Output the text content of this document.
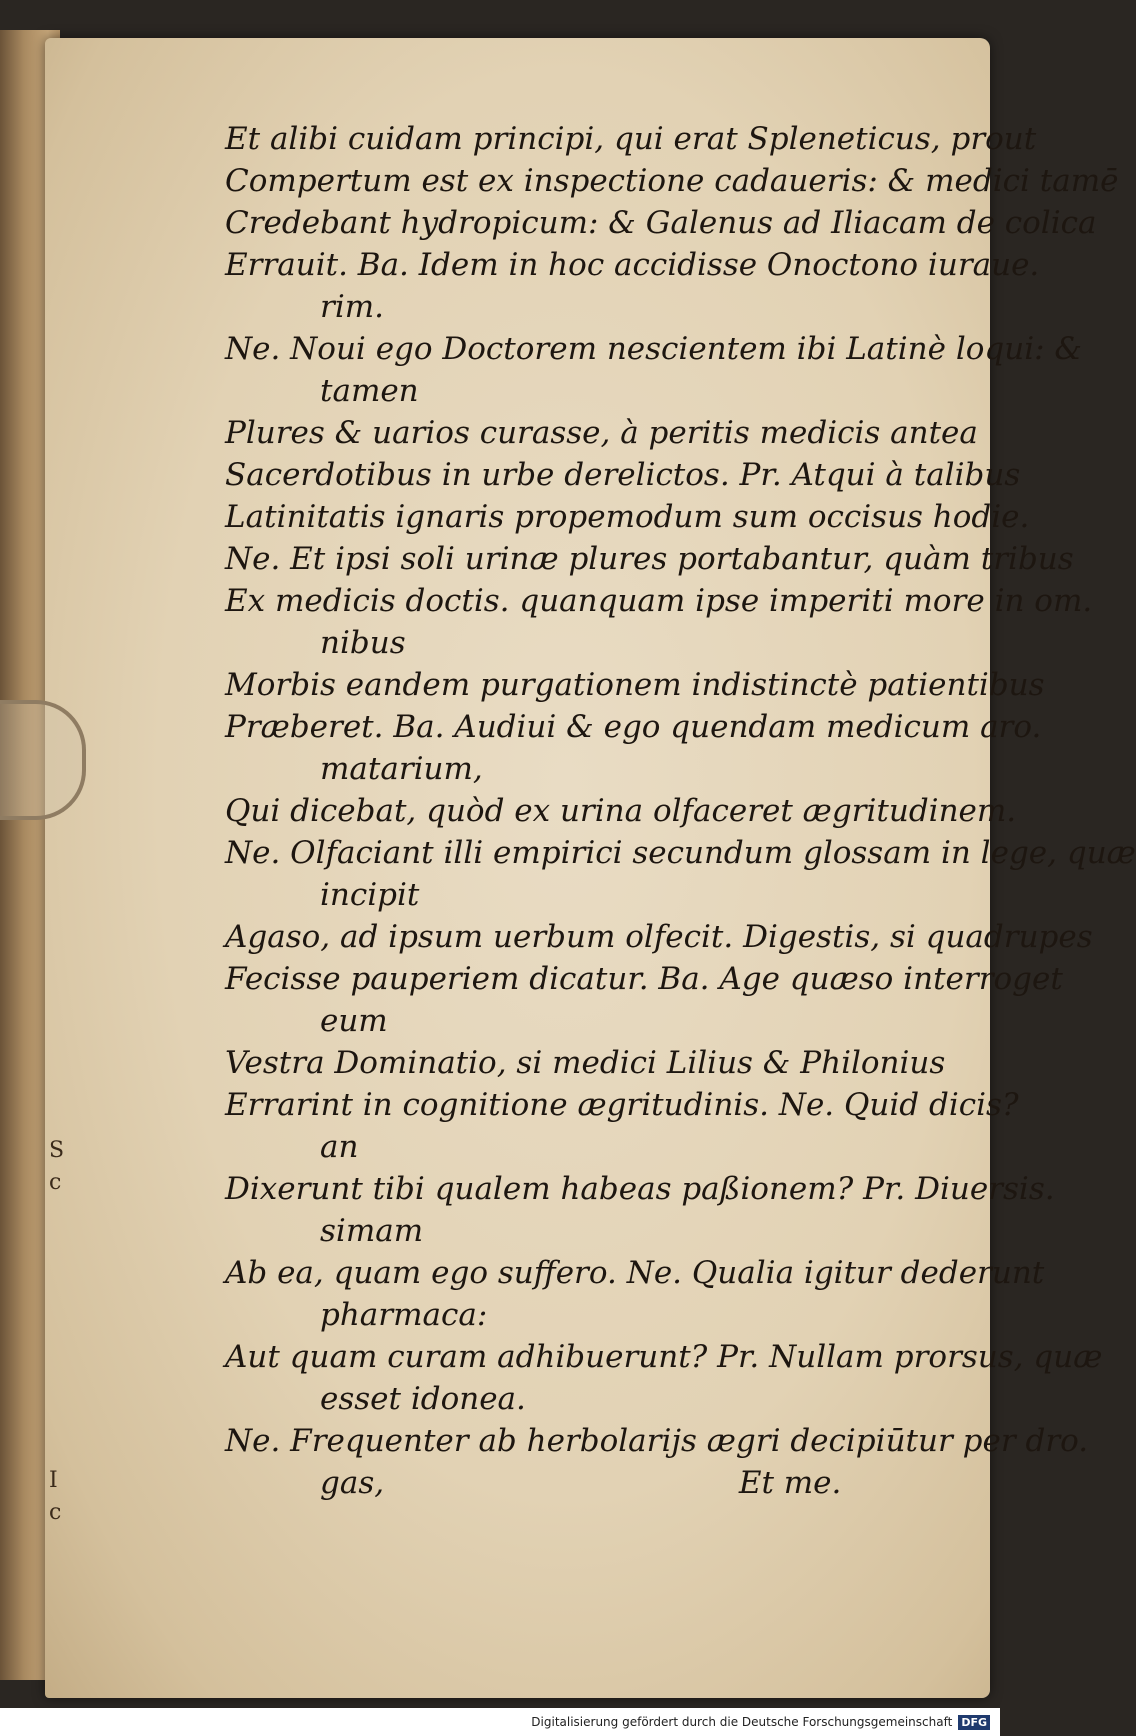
S
c
I
c
Et alibi cuidam principi, qui erat Spleneticus, prout
Compertum est ex inspectione cadaueris: & medici tamē
Credebant hydropicum: & Galenus ad Iliacam de colica
Errauit. Ba. Idem in hoc accidisse Onoctono iuraue.
rim.
Ne. Noui ego Doctorem nescientem ibi Latinè loqui: &
tamen
Plures & uarios curasse, à peritis medicis antea
Sacerdotibus in urbe derelictos. Pr. Atqui à talibus
Latinitatis ignaris propemodum sum occisus hodie.
Ne. Et ipsi soli urinæ plures portabantur, quàm tribus
Ex medicis doctis. quanquam ipse imperiti more in om.
nibus
Morbis eandem purgationem indistinctè patientibus
Præberet. Ba. Audiui & ego quendam medicum aro.
matarium,
Qui dicebat, quòd ex urina olfaceret ægritudinem.
Ne. Olfaciant illi empirici secundum glossam in lege, quæ
incipit
Agaso, ad ipsum uerbum olfecit. Digestis, si quadrupes
Fecisse pauperiem dicatur. Ba. Age quæso interroget
eum
Vestra Dominatio, si medici Lilius & Philonius
Errarint in cognitione ægritudinis. Ne. Quid dicis?
an
Dixerunt tibi qualem habeas paßionem? Pr. Diuersis.
simam
Ab ea, quam ego suffero. Ne. Qualia igitur dederunt
pharmaca:
Aut quam curam adhibuerunt? Pr. Nullam prorsus, quæ
esset idonea.
Ne. Frequenter ab herbolarijs ægri decipiūtur per dro.
gas,                                    Et me.
Digitalisierung gefördert durch die Deutsche Forschungsgemeinschaft DFG
